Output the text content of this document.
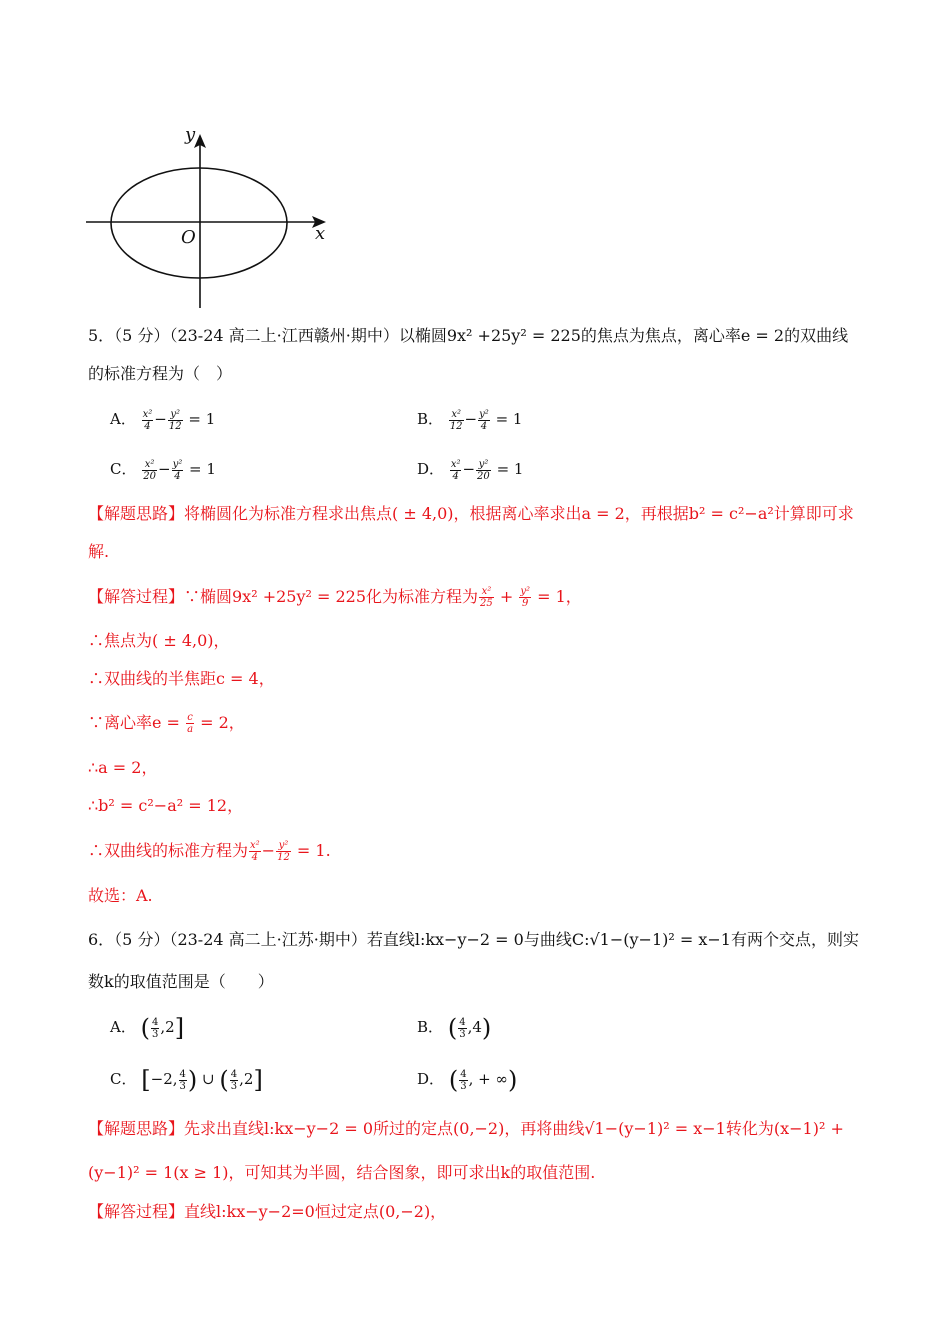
y
x
O
5．（5 分）（23-24 高二上·江西赣州·期中）以椭圆9x² +25y² = 225的焦点为焦点，离心率e = 2的双曲线
的标准方程为（　）
A． $\frac{\text{x²}}{4} - \frac{\text{y²}}{12} = 1$	B． $\frac{\text{x²}}{12} - \frac{\text{y²}}{4} = 1$
C． $\frac{\text{x²}}{20} - \frac{\text{y²}}{4} = 1$	D． $\frac{\text{x²}}{4} - \frac{\text{y²}}{20} = 1$
【解题思路】将椭圆化为标准方程求出焦点( ± 4,0)，根据离心率求出a = 2，再根据b² = c²−a²计算即可求
解.
【解答过程】∵椭圆9x² +25y² = 225化为标准方程为 $\frac{\text{x²}}{25} + \frac{\text{y²}}{9} = 1$，
∴焦点为( ± 4,0)，
∴双曲线的半焦距c = 4，
∵离心率$e = \frac{c}{a} = 2$，
∴a = 2，
∴b² = c²−a² = 12，
∴双曲线的标准方程为 $\frac{\text{x²}}{4} - \frac{\text{y²}}{12} = 1$.
故选：A.
6．（5 分）（23-24 高二上·江苏·期中）若直线l:kx−y−2 = 0与曲线C:√1−(y−1)² = x−1有两个交点，则实
数k的取值范围是（　　）
A． ( $\frac{4}{3} ,2$]	B． ( $\frac{4}{3} ,4$)
C． [−2, $\frac{4}{3}$ ) ∪ ( $\frac{4}{3} ,2$]	D． ( $\frac{4}{3}$ , + ∞)
【解题思路】先求出直线l:kx−y−2 = 0所过的定点(0,−2)，再将曲线√1−(y−1)² = x−1转化为(x−1)² +
(y−1)² = 1(x ≥ 1)，可知其为半圆，结合图象，即可求出k的取值范围.
【解答过程】直线l:kx−y−2=0恒过定点(0,−2)，
